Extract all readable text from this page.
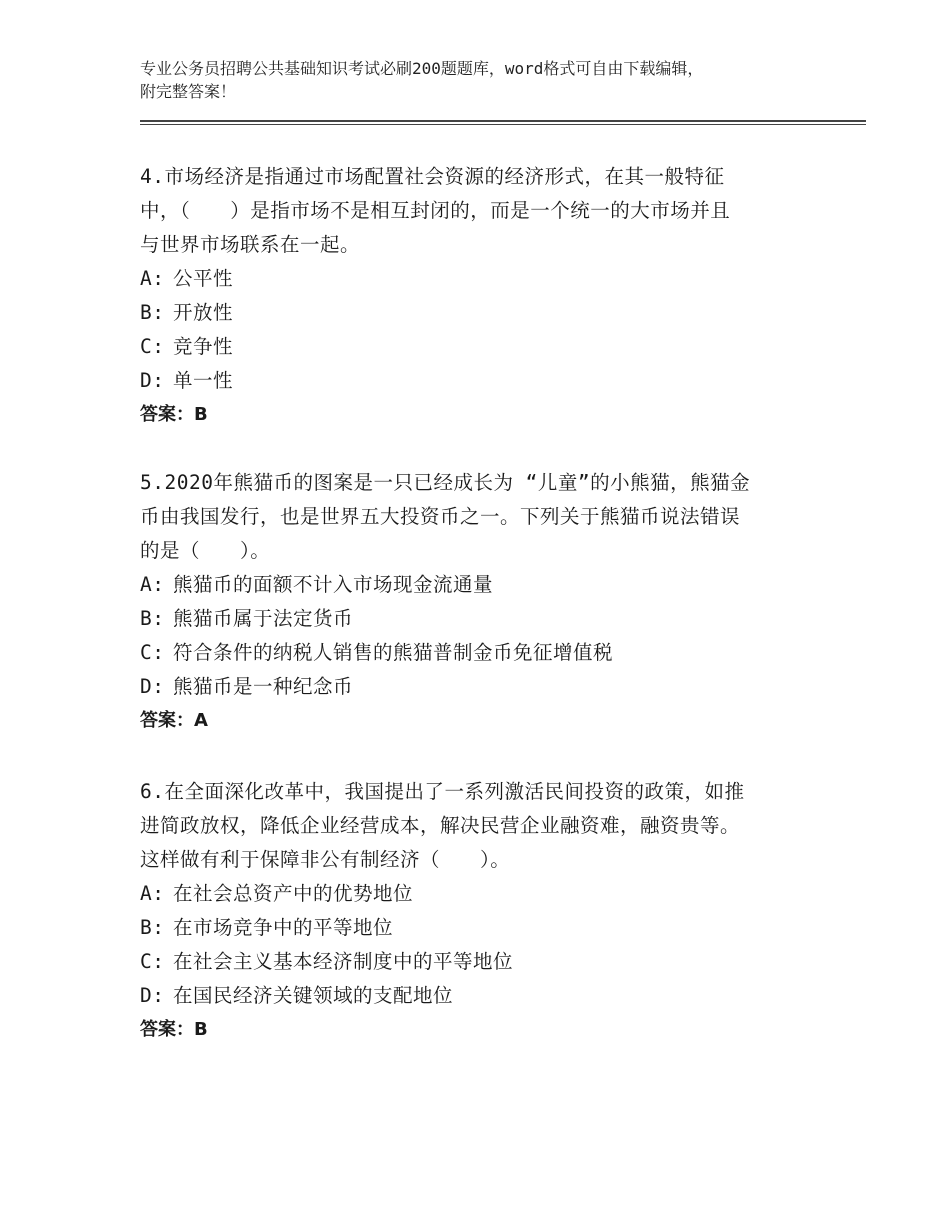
专业公务员招聘公共基础知识考试必刷200题题库，word格式可自由下载编辑，
附完整答案！

4.市场经济是指通过市场配置社会资源的经济形式，在其一般特征

中，（　　）是指市场不是相互封闭的，而是一个统一的大市场并且

与世界市场联系在一起。

A: 公平性

B: 开放性

C: 竞争性

D: 单一性

答案：B

5.2020年熊猫币的图案是一只已经成长为 “儿童”的小熊猫，熊猫金

币由我国发行，也是世界五大投资币之一。下列关于熊猫币说法错误

的是（　　）。

A: 熊猫币的面额不计入市场现金流通量

B: 熊猫币属于法定货币

C: 符合条件的纳税人销售的熊猫普制金币免征增值税

D: 熊猫币是一种纪念币

答案：A

6.在全面深化改革中，我国提出了一系列激活民间投资的政策，如推

进简政放权，降低企业经营成本，解决民营企业融资难，融资贵等。

这样做有利于保障非公有制经济（　　）。

A: 在社会总资产中的优势地位

B: 在市场竞争中的平等地位

C: 在社会主义基本经济制度中的平等地位

D: 在国民经济关键领域的支配地位

答案：B
